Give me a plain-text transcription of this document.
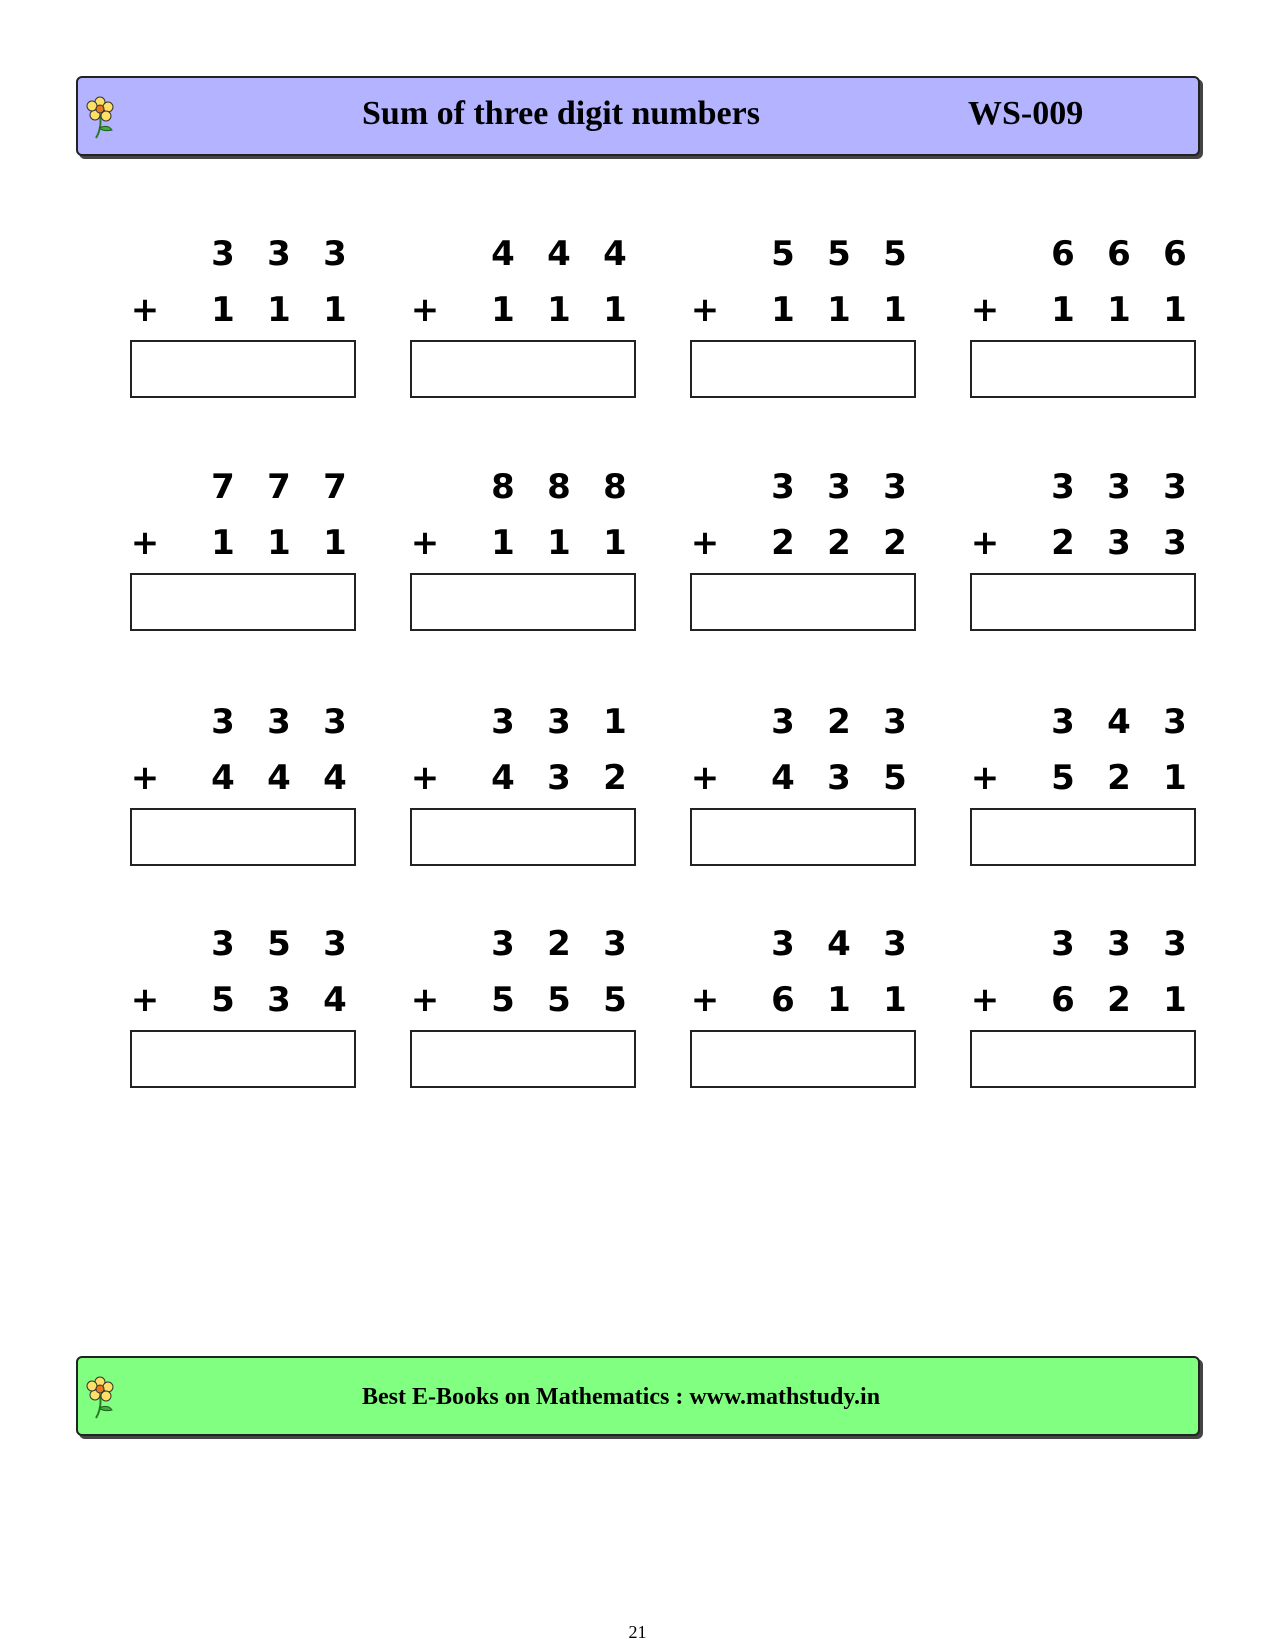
Sum of three digit numbers	WS-009
3 3 3
+ 1 1 1
4 4 4
+ 1 1 1
5 5 5
+ 1 1 1
6 6 6
+ 1 1 1
7 7 7
+ 1 1 1
8 8 8
+ 1 1 1
3 3 3
+ 2 2 2
3 3 3
+ 2 3 3
3 3 3
+ 4 4 4
3 3 1
+ 4 3 2
3 2 3
+ 4 3 5
3 4 3
+ 5 2 1
3 5 3
+ 5 3 4
3 2 3
+ 5 5 5
3 4 3
+ 6 1 1
3 3 3
+ 6 2 1
Best E-Books on Mathematics : www.mathstudy.in
21
